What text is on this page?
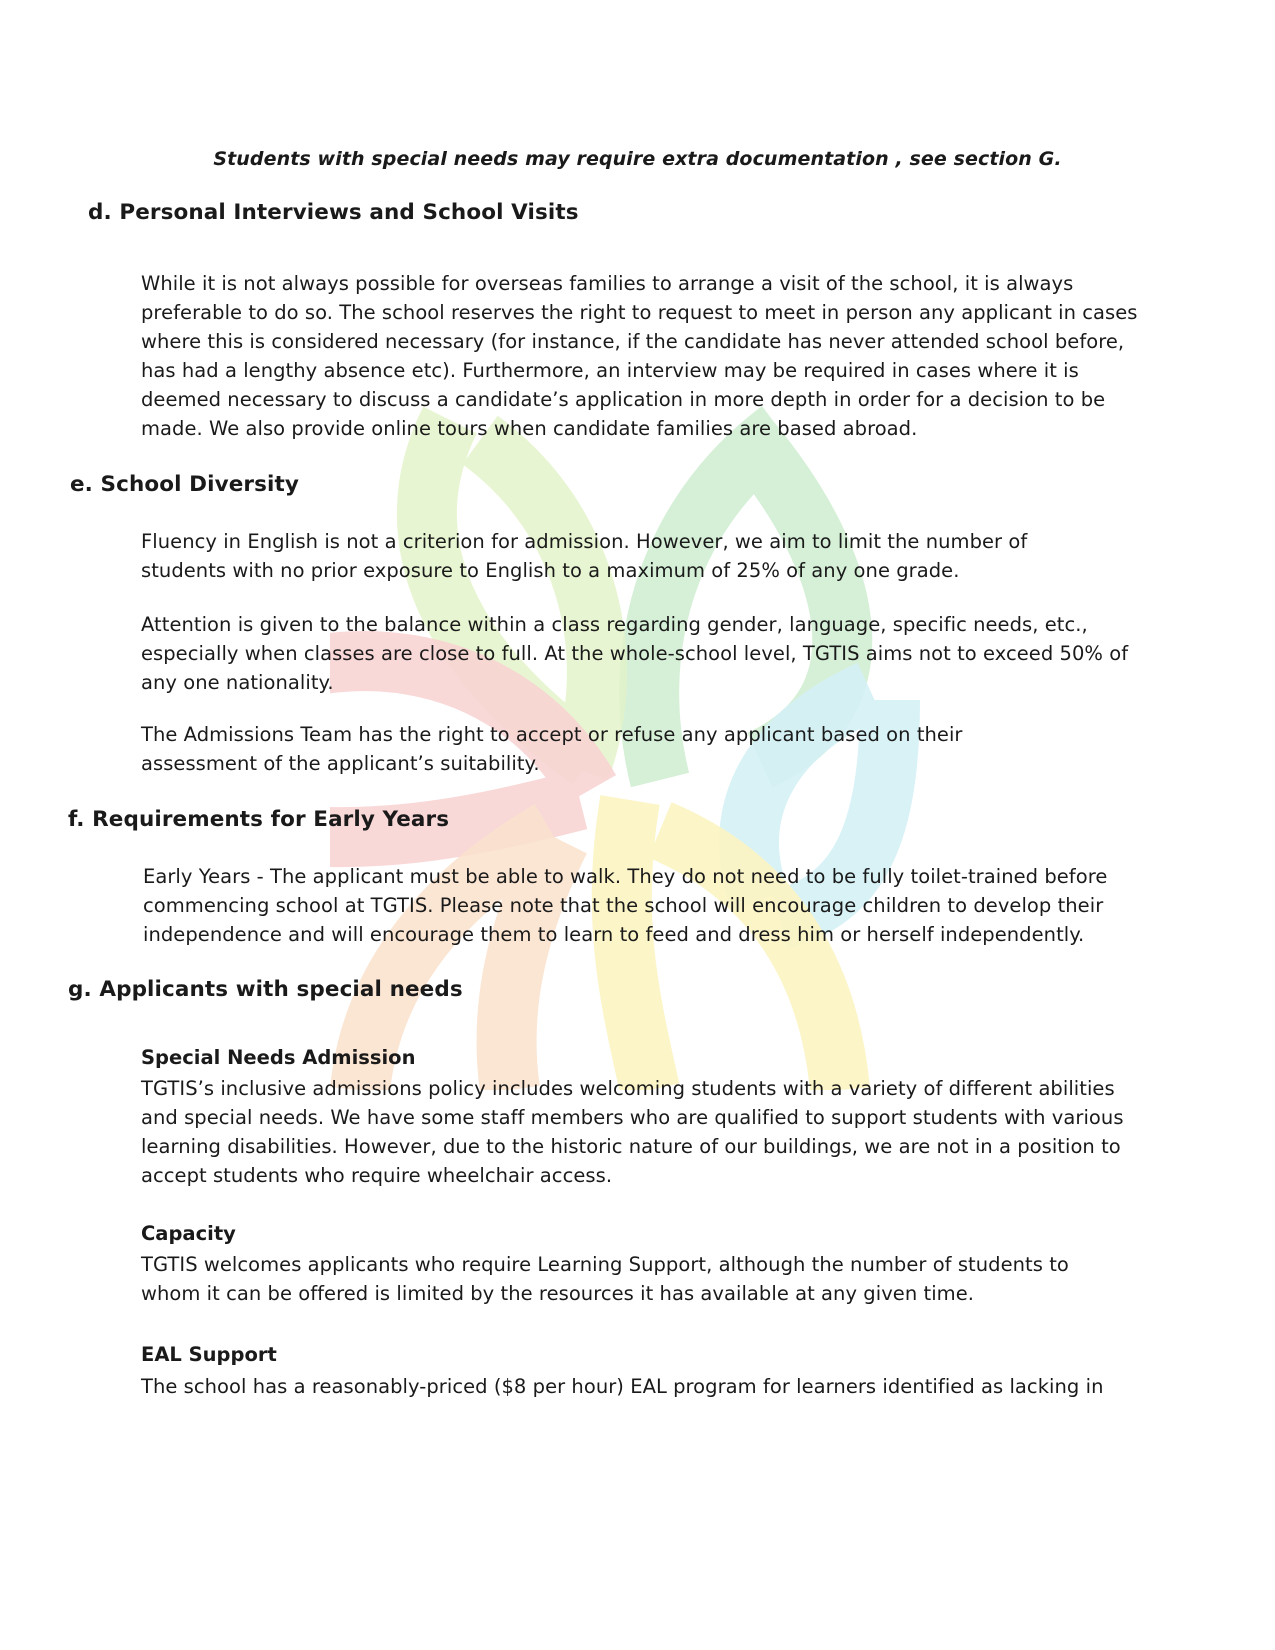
Students with special needs may require extra documentation , see section G.
d. Personal Interviews and School Visits
While it is not always possible for overseas families to arrange a visit of the school, it is always
preferable to do so. The school reserves the right to request to meet in person any applicant in cases
where this is considered necessary (for instance, if the candidate has never attended school before,
has had a lengthy absence etc). Furthermore, an interview may be required in cases where it is
deemed necessary to discuss a candidate’s application in more depth in order for a decision to be
made. We also provide online tours when candidate families are based abroad.
e. School Diversity
Fluency in English is not a criterion for admission. However, we aim to limit the number of
students with no prior exposure to English to a maximum of 25% of any one grade.
Attention is given to the balance within a class regarding gender, language, specific needs, etc.,
especially when classes are close to full. At the whole-school level, TGTIS aims not to exceed 50% of
any one nationality.
The Admissions Team has the right to accept or refuse any applicant based on their
assessment of the applicant’s suitability.
f. Requirements for Early Years
Early Years - The applicant must be able to walk. They do not need to be fully toilet-trained before
commencing school at TGTIS. Please note that the school will encourage children to develop their
independence and will encourage them to learn to feed and dress him or herself independently.
g. Applicants with special needs
Special Needs Admission
TGTIS’s inclusive admissions policy includes welcoming students with a variety of different abilities
and special needs. We have some staff members who are qualified to support students with various
learning disabilities. However, due to the historic nature of our buildings, we are not in a position to
accept students who require wheelchair access.
Capacity
TGTIS welcomes applicants who require Learning Support, although the number of students to
whom it can be offered is limited by the resources it has available at any given time.
EAL Support
The school has a reasonably-priced ($8 per hour) EAL program for learners identified as lacking in
